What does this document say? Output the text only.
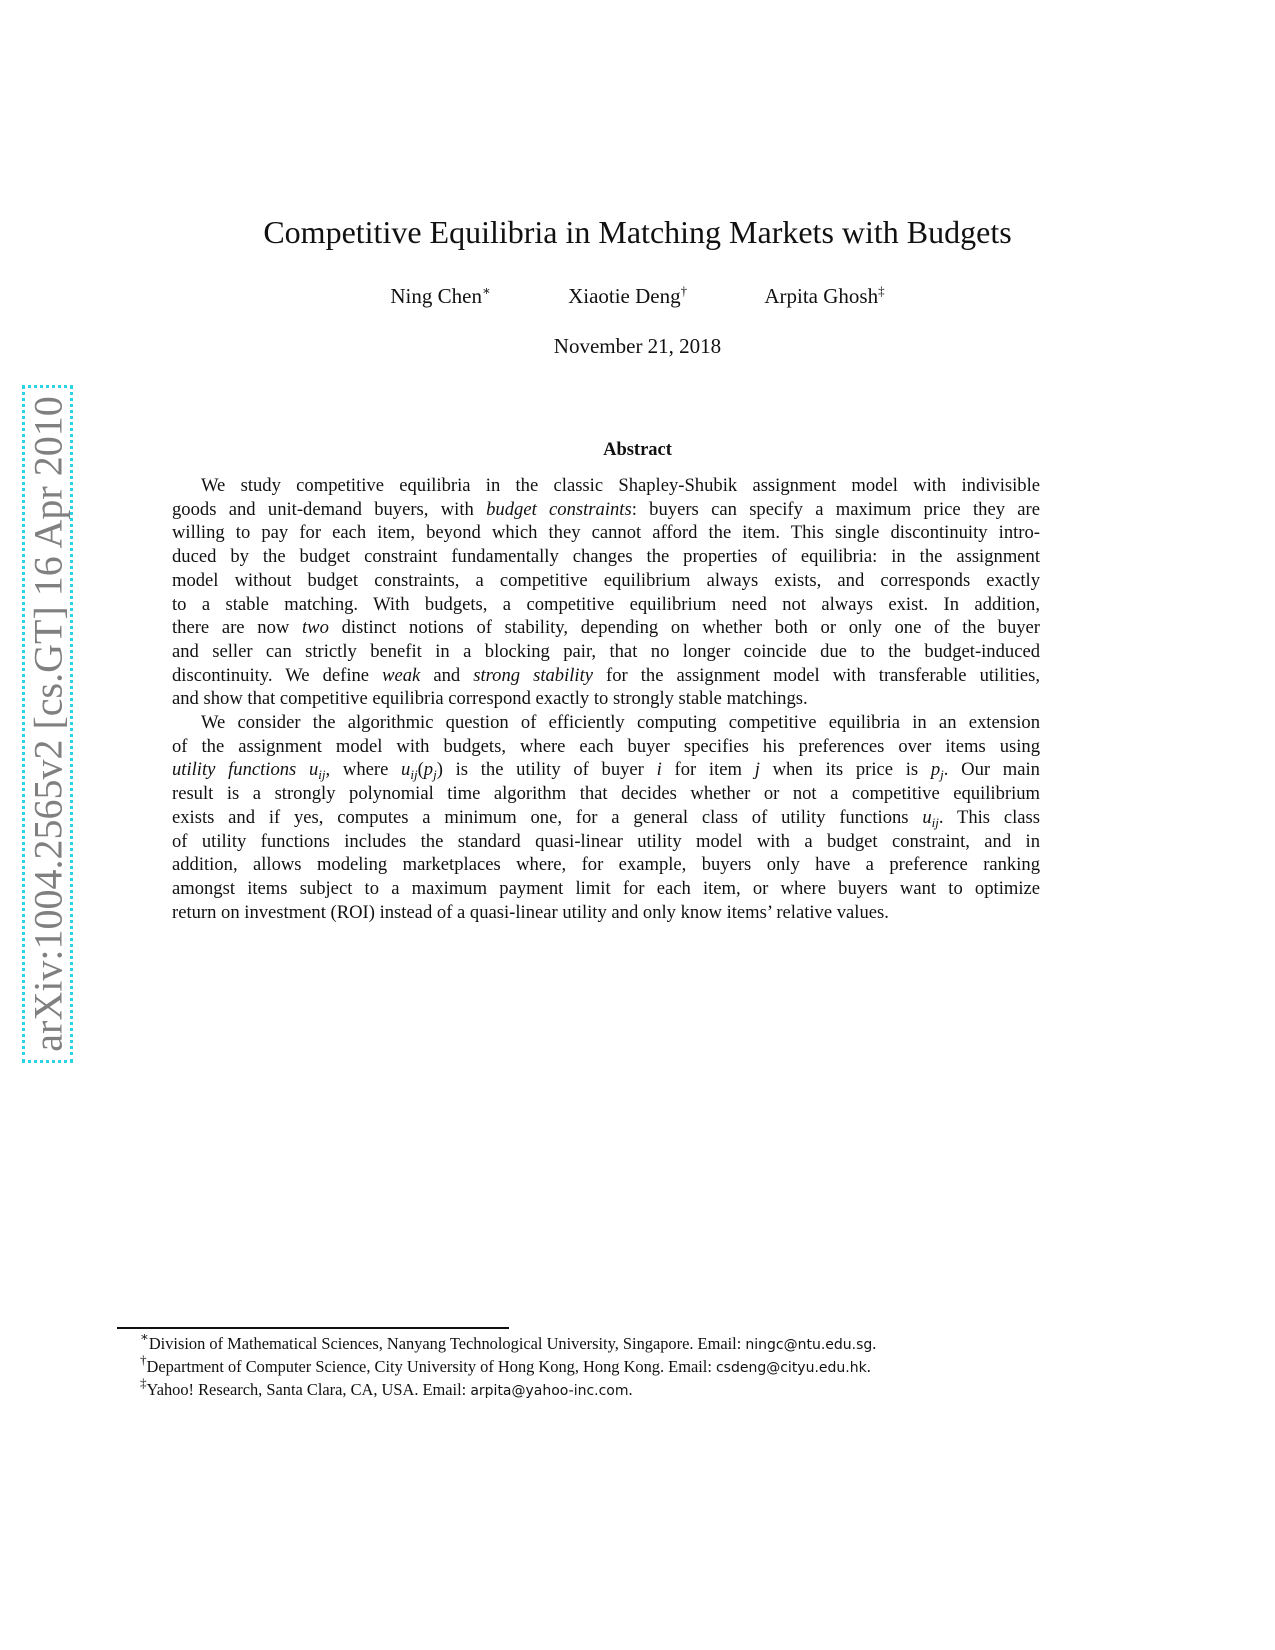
arXiv:1004.2565v2 [cs.GT] 16 Apr 2010
Competitive Equilibria in Matching Markets with Budgets
Ning Chen∗	Xiaotie Deng†	Arpita Ghosh‡
November 21, 2018
Abstract
We study competitive equilibria in the classic Shapley-Shubik assignment model with indivisible
goods and unit-demand buyers, with budget constraints: buyers can specify a maximum price they are
willing to pay for each item, beyond which they cannot afford the item. This single discontinuity intro-
duced by the budget constraint fundamentally changes the properties of equilibria: in the assignment
model without budget constraints, a competitive equilibrium always exists, and corresponds exactly
to a stable matching. With budgets, a competitive equilibrium need not always exist. In addition,
there are now two distinct notions of stability, depending on whether both or only one of the buyer
and seller can strictly benefit in a blocking pair, that no longer coincide due to the budget-induced
discontinuity. We define weak and strong stability for the assignment model with transferable utilities,
and show that competitive equilibria correspond exactly to strongly stable matchings.
We consider the algorithmic question of efficiently computing competitive equilibria in an extension
of the assignment model with budgets, where each buyer specifies his preferences over items using
utility functions $u_{ij}$, where $u_{ij}(p_j)$ is the utility of buyer i for item j when its price is $p_j$. Our main
result is a strongly polynomial time algorithm that decides whether or not a competitive equilibrium
exists and if yes, computes a minimum one, for a general class of utility functions $u_{ij}$. This class
of utility functions includes the standard quasi-linear utility model with a budget constraint, and in
addition, allows modeling marketplaces where, for example, buyers only have a preference ranking
amongst items subject to a maximum payment limit for each item, or where buyers want to optimize
return on investment (ROI) instead of a quasi-linear utility and only know items’ relative values.
∗Division of Mathematical Sciences, Nanyang Technological University, Singapore. Email: ningc@ntu.edu.sg.
†Department of Computer Science, City University of Hong Kong, Hong Kong. Email: csdeng@cityu.edu.hk.
‡Yahoo! Research, Santa Clara, CA, USA. Email: arpita@yahoo-inc.com.
